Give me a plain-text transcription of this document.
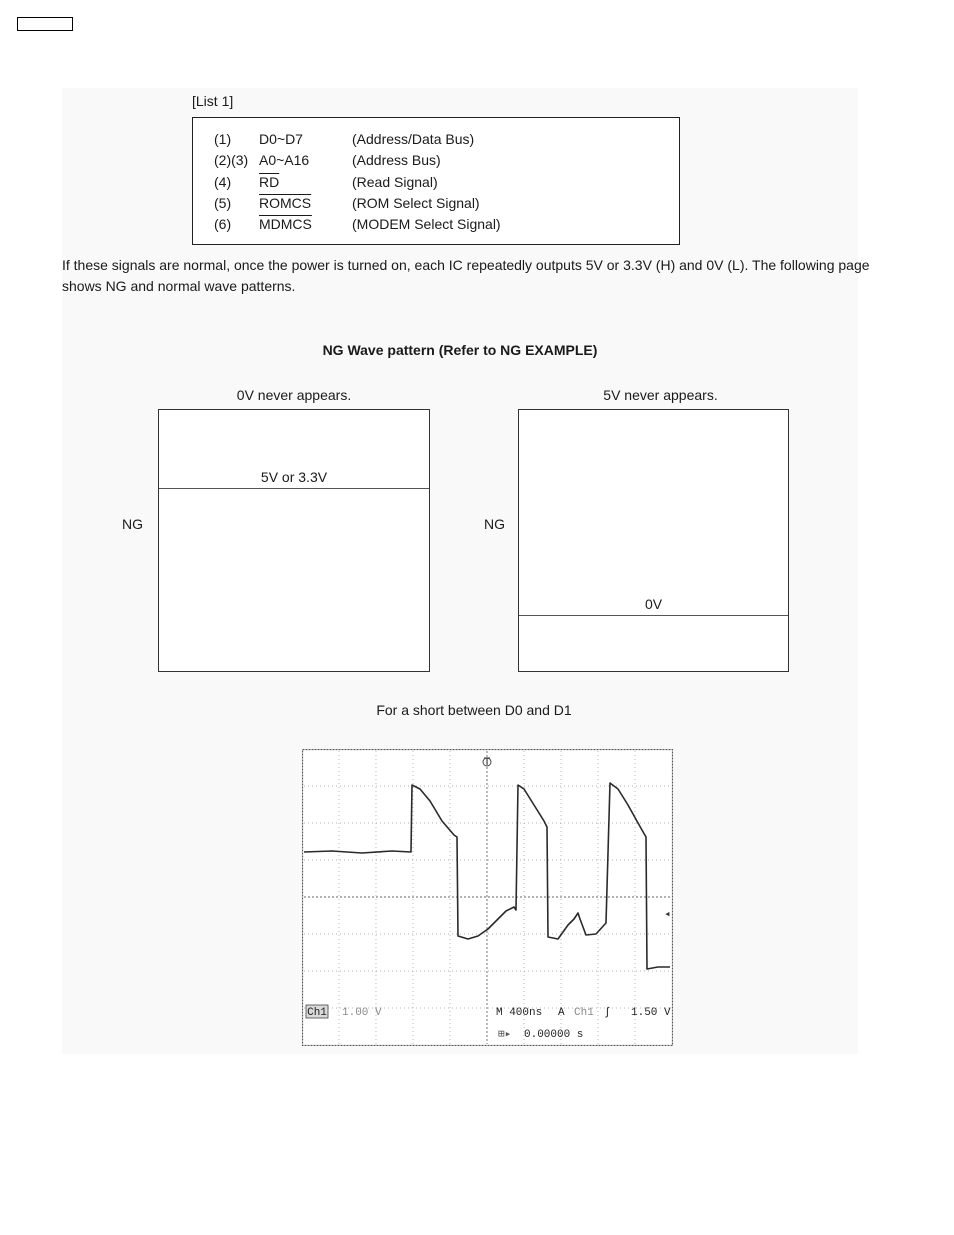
[List 1]
(1)	D0~D7	(Address/Data Bus)
(2)(3) A0~A16	(Address Bus)
(4)	$\overline{RD}$	(Read Signal)
(5)	ROMCS	(ROM Select Signal)
(6)	MDMCS	(MODEM Select Signal)
If these signals are normal, once the power is turned on, each IC repeatedly outputs 5V or 3.3V (H) and 0V (L). The following page shows NG and normal wave patterns.
NG Wave pattern (Refer to NG EXAMPLE)
0V never appears.
NG
5V or 3.3V
5V never appears.
NG
0V
For a short between D0 and D1
T
◂
Ch1 1.00 V	M 400ns A Ch1 ∫ 1.50 V
⊞▸ 0.00000 s
